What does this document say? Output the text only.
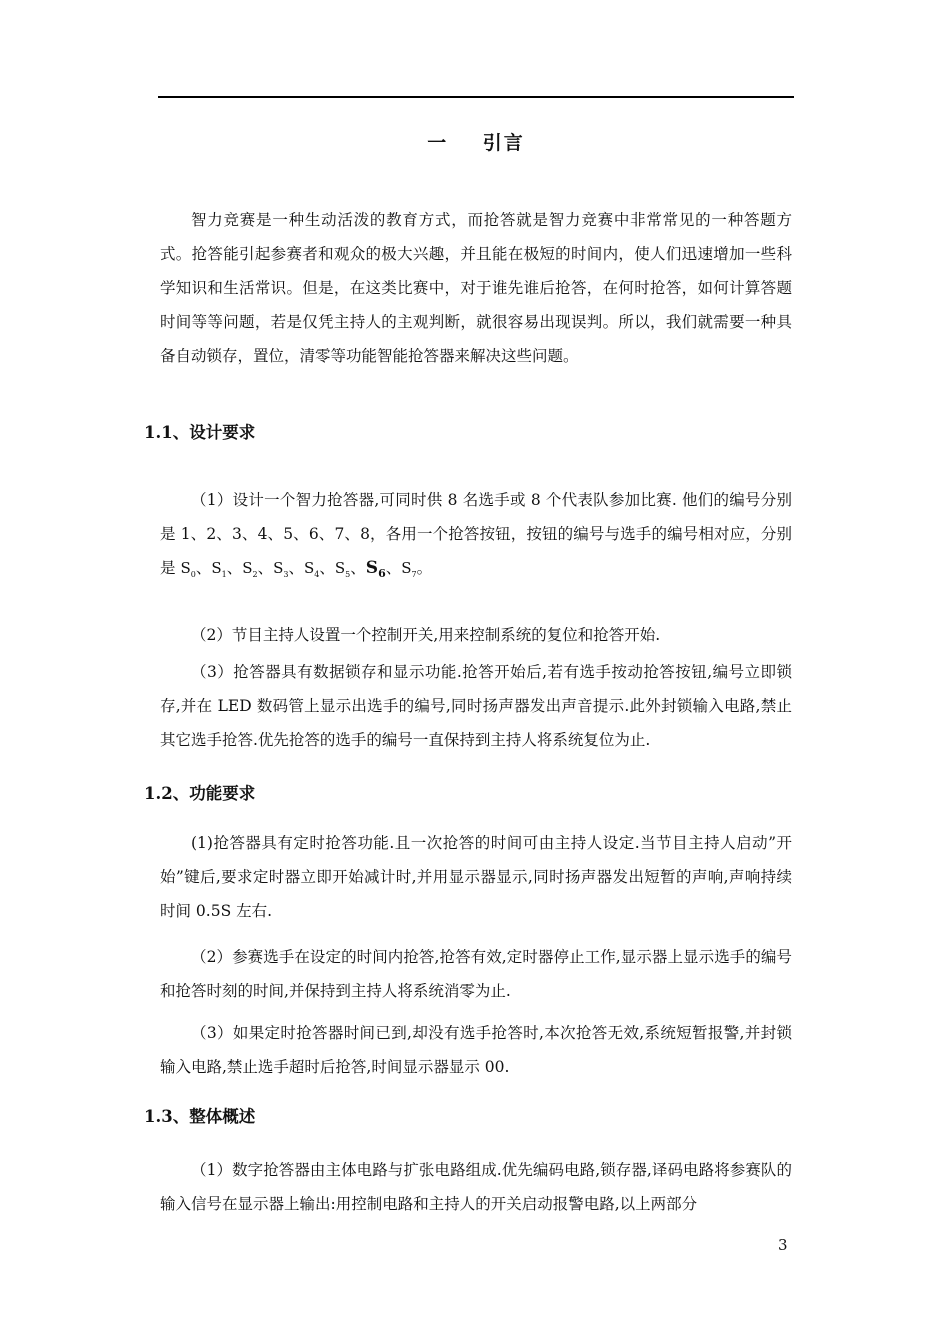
一    引言

智力竞赛是一种生动活泼的教育方式，而抢答就是智力竞赛中非常常见的一种答题方式。抢答能引起参赛者和观众的极大兴趣，并且能在极短的时间内，使人们迅速增加一些科学知识和生活常识。但是，在这类比赛中，对于谁先谁后抢答，在何时抢答，如何计算答题时间等等问题，若是仅凭主持人的主观判断，就很容易出现误判。所以，我们就需要一种具备自动锁存，置位，清零等功能智能抢答器来解决这些问题。

1.1、设计要求

（1）设计一个智力抢答器,可同时供 8 名选手或 8 个代表队参加比赛. 他们的编号分别是 1、2、3、4、5、6、7、8，各用一个抢答按钮，按钮的编号与选手的编号相对应，分别是 $S_0$、$S_1$、$S_2$、$S_3$、$S_4$、$S_5$、$S_6$、$S_7$。

（2）节目主持人设置一个控制开关,用来控制系统的复位和抢答开始.

（3）抢答器具有数据锁存和显示功能.抢答开始后,若有选手按动抢答按钮,编号立即锁存,并在 LED 数码管上显示出选手的编号,同时扬声器发出声音提示.此外封锁输入电路,禁止其它选手抢答.优先抢答的选手的编号一直保持到主持人将系统复位为止.

1.2、功能要求

(1)抢答器具有定时抢答功能.且一次抢答的时间可由主持人设定.当节目主持人启动”开始”键后,要求定时器立即开始减计时,并用显示器显示,同时扬声器发出短暂的声响,声响持续时间 0.5S 左右.

（2）参赛选手在设定的时间内抢答,抢答有效,定时器停止工作,显示器上显示选手的编号和抢答时刻的时间,并保持到主持人将系统消零为止.

（3）如果定时抢答器时间已到,却没有选手抢答时,本次抢答无效,系统短暂报警,并封锁输入电路,禁止选手超时后抢答,时间显示器显示 00.

1.3、整体概述

（1）数字抢答器由主体电路与扩张电路组成.优先编码电路,锁存器,译码电路将参赛队的输入信号在显示器上输出:用控制电路和主持人的开关启动报警电路,以上两部分

3
